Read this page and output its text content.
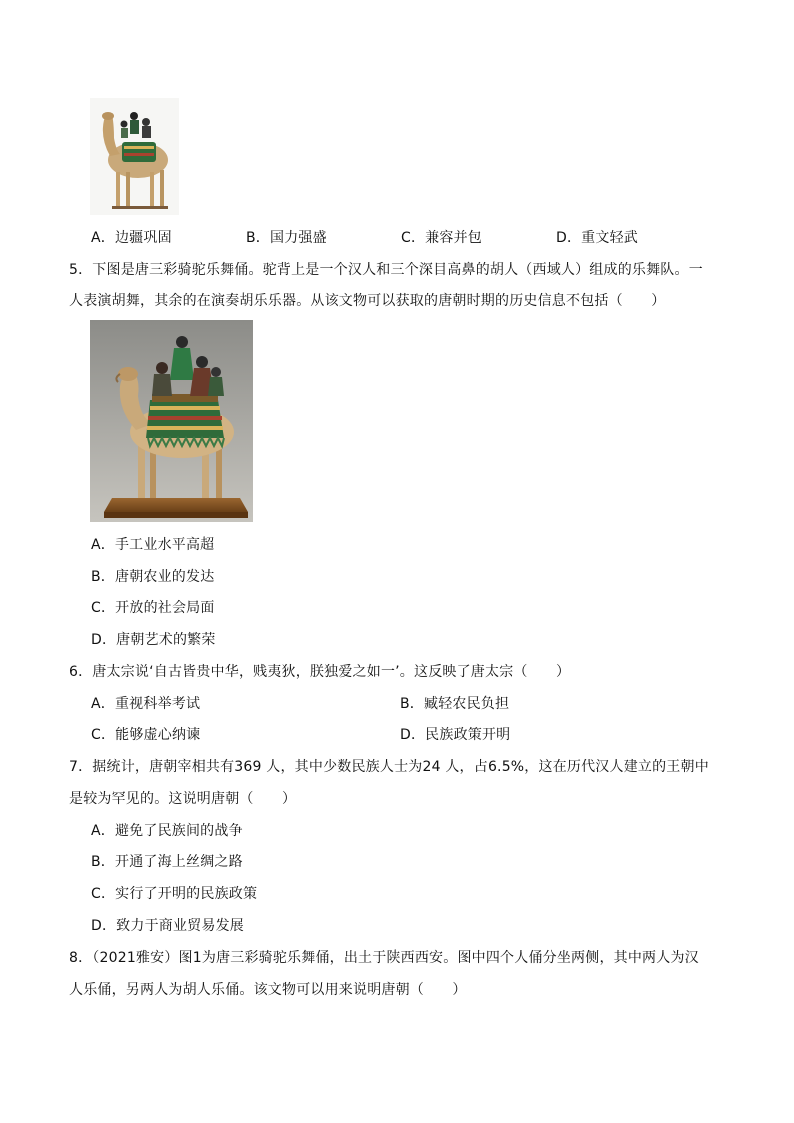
A．边疆巩固	B．国力强盛	C．兼容并包	D．重文轻武
5．下图是唐三彩骑驼乐舞俑。驼背上是一个汉人和三个深目高鼻的胡人（西域人）组成的乐舞队。一
人表演胡舞，其余的在演奏胡乐乐器。从该文物可以获取的唐朝时期的历史信息不包括（　　）
A．手工业水平高超
B．唐朝农业的发达
C．开放的社会局面
D．唐朝艺术的繁荣
6．唐太宗说‘自古皆贵中华，贱夷狄，朕独爱之如一’。这反映了唐太宗（　　）
A．重视科举考试	B．臧轻农民负担
C．能够虚心纳谏	D．民族政策开明
7．据统计，唐朝宰相共有369 人，其中少数民族人士为24 人，占6.5%，这在历代汉人建立的王朝中
是较为罕见的。这说明唐朝（　　）
A．避免了民族间的战争
B．开通了海上丝绸之路
C．实行了开明的民族政策
D．致力于商业贸易发展
8．（2021雅安）图1为唐三彩骑驼乐舞俑，出土于陕西西安。图中四个人俑分坐两侧，其中两人为汉
人乐俑，另两人为胡人乐俑。该文物可以用来说明唐朝（　　）
